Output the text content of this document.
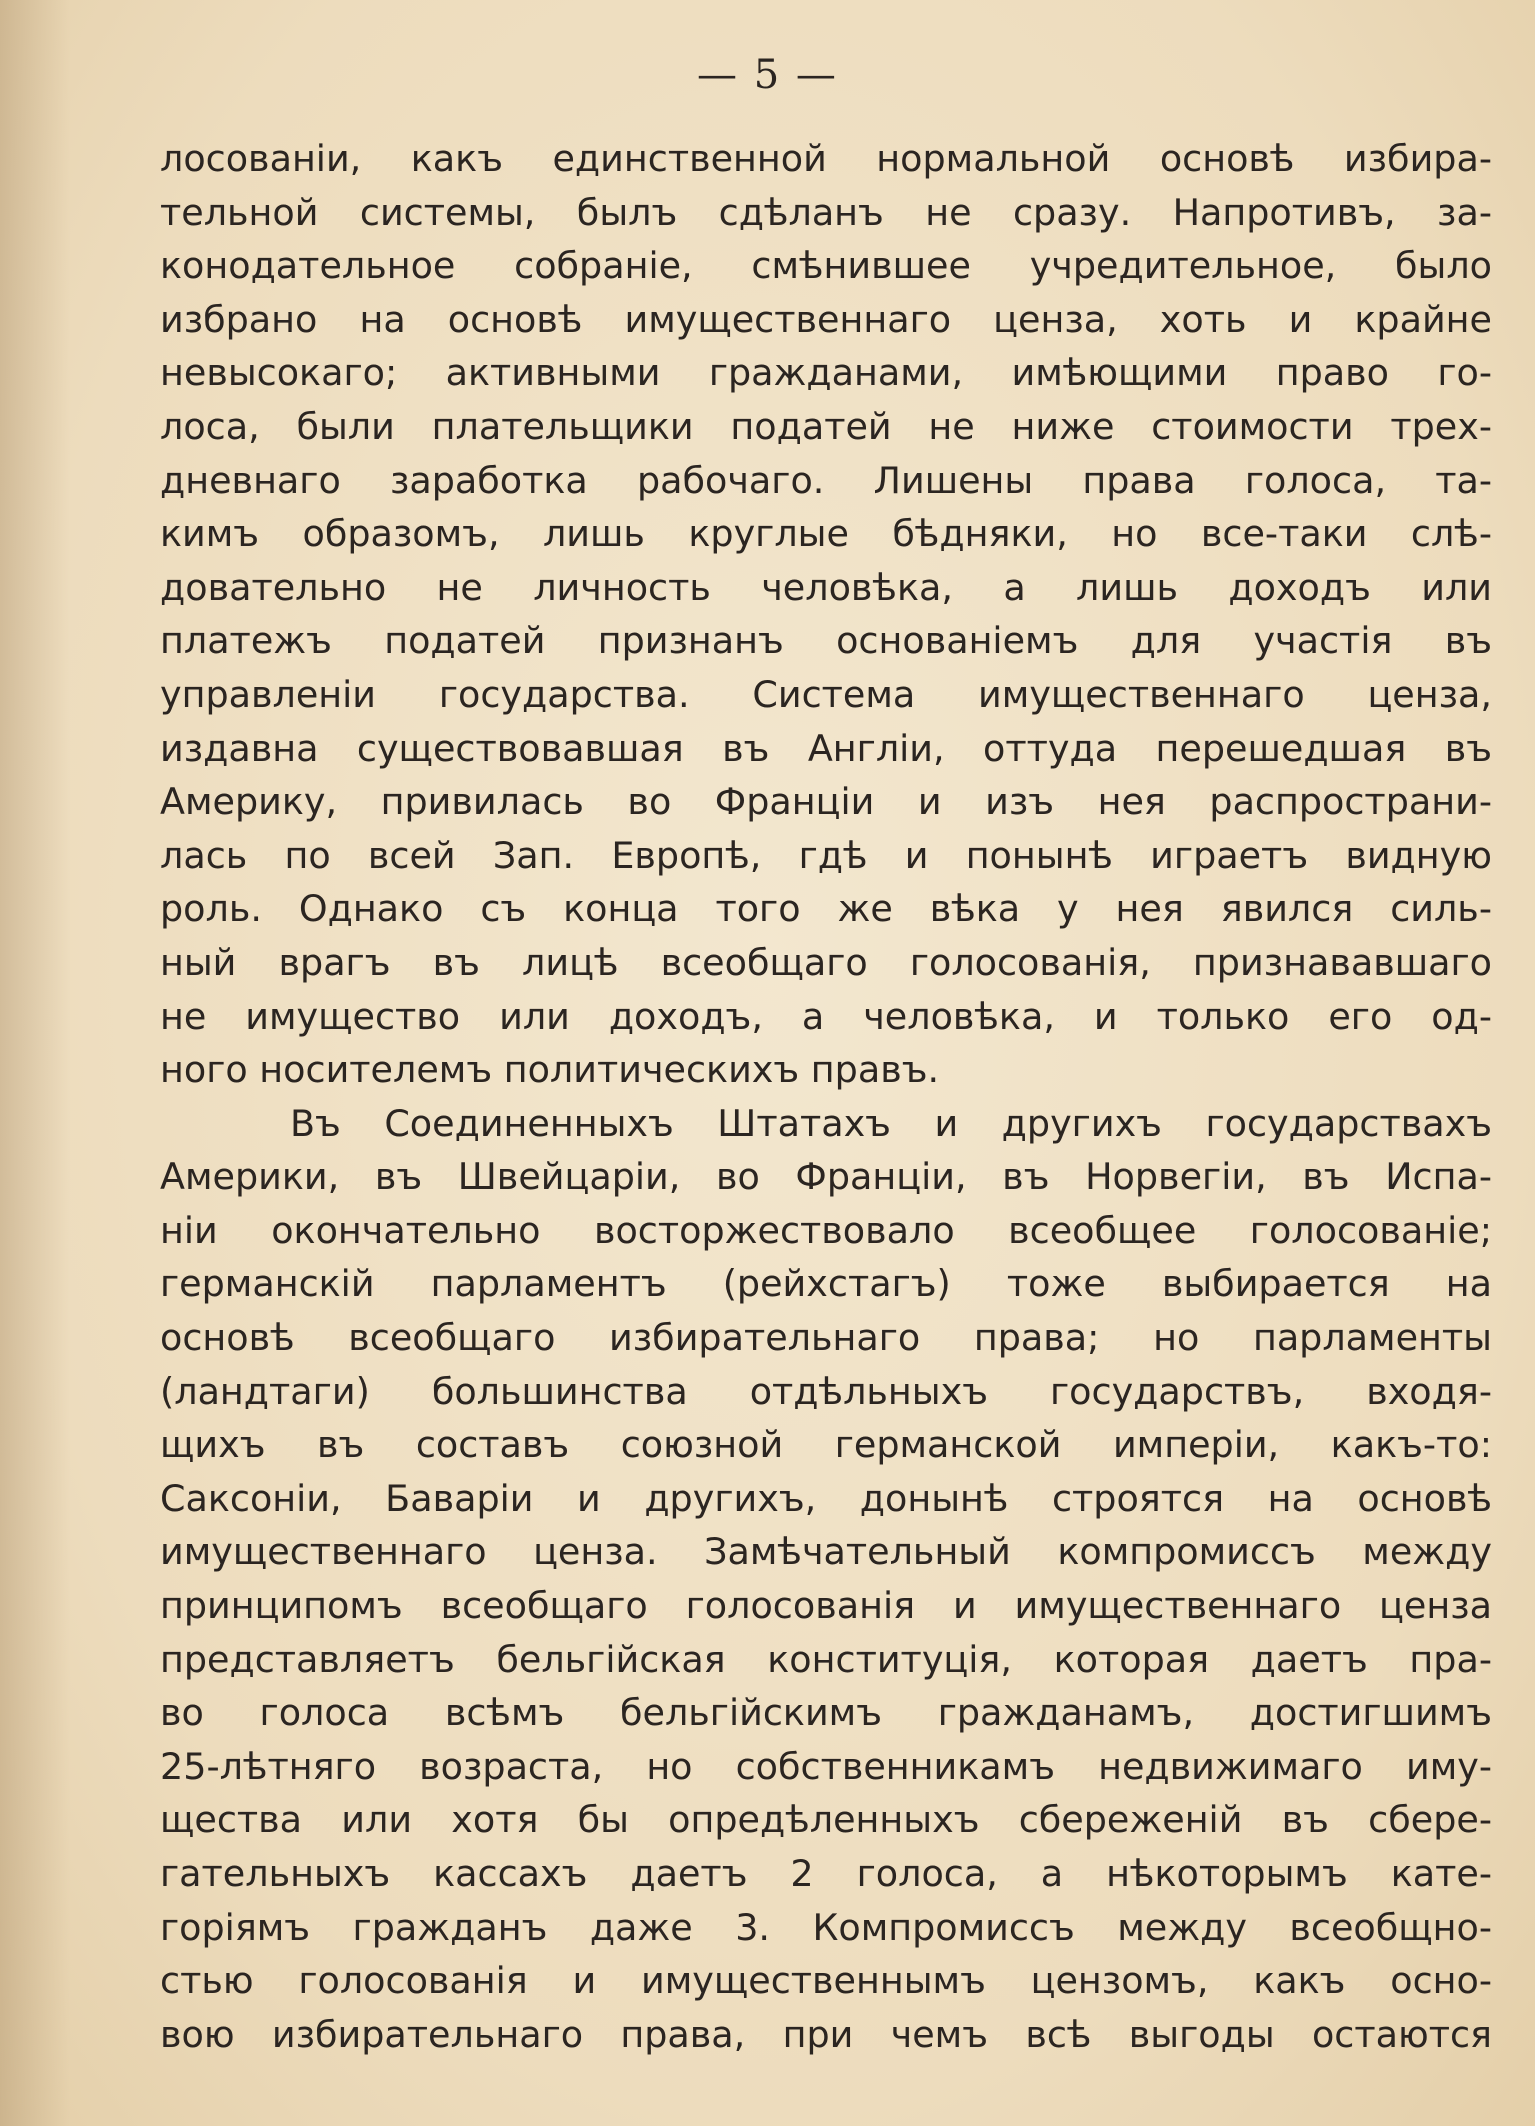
— 5 —
лосованіи, какъ единственной нормальной основѣ избира-
тельной системы, былъ сдѣланъ не сразу. Напротивъ, за-
конодательное собраніе, смѣнившее учредительное, было
избрано на основѣ имущественнаго ценза, хоть и крайне
невысокаго; активными гражданами, имѣющими право го-
лоса, были плательщики податей не ниже стоимости трех-
дневнаго заработка рабочаго. Лишены права голоса, та-
кимъ образомъ, лишь круглые бѣдняки, но все-таки слѣ-
довательно не личность человѣка, а лишь доходъ или
платежъ податей признанъ основаніемъ для участія въ
управленіи государства. Система имущественнаго ценза,
издавна существовавшая въ Англіи, оттуда перешедшая въ
Америку, привилась во Франціи и изъ нея распространи-
лась по всей Зап. Европѣ, гдѣ и понынѣ играетъ видную
роль. Однако съ конца того же вѣка у нея явился силь-
ный врагъ въ лицѣ всеобщаго голосованія, признававшаго
не имущество или доходъ, а человѣка, и только его од-
ного носителемъ политическихъ правъ.
Въ Соединенныхъ Штатахъ и другихъ государствахъ
Америки, въ Швейцаріи, во Франціи, въ Норвегіи, въ Испа-
ніи окончательно восторжествовало всеобщее голосованіе;
германскій парламентъ (рейхстагъ) тоже выбирается на
основѣ всеобщаго избирательнаго права; но парламенты
(ландтаги) большинства отдѣльныхъ государствъ, входя-
щихъ въ составъ союзной германской имперіи, какъ-то:
Саксоніи, Баваріи и другихъ, донынѣ строятся на основѣ
имущественнаго ценза. Замѣчательный компромиссъ между
принципомъ всеобщаго голосованія и имущественнаго ценза
представляетъ бельгійская конституція, которая даетъ пра-
во голоса всѣмъ бельгійскимъ гражданамъ, достигшимъ
25-лѣтняго возраста, но собственникамъ недвижимаго иму-
щества или хотя бы опредѣленныхъ сбереженій въ сбере-
гательныхъ кассахъ даетъ 2 голоса, а нѣкоторымъ кате-
горіямъ гражданъ даже 3. Компромиссъ между всеобщно-
стью голосованія и имущественнымъ цензомъ, какъ осно-
вою избирательнаго права, при чемъ всѣ выгоды остаются
